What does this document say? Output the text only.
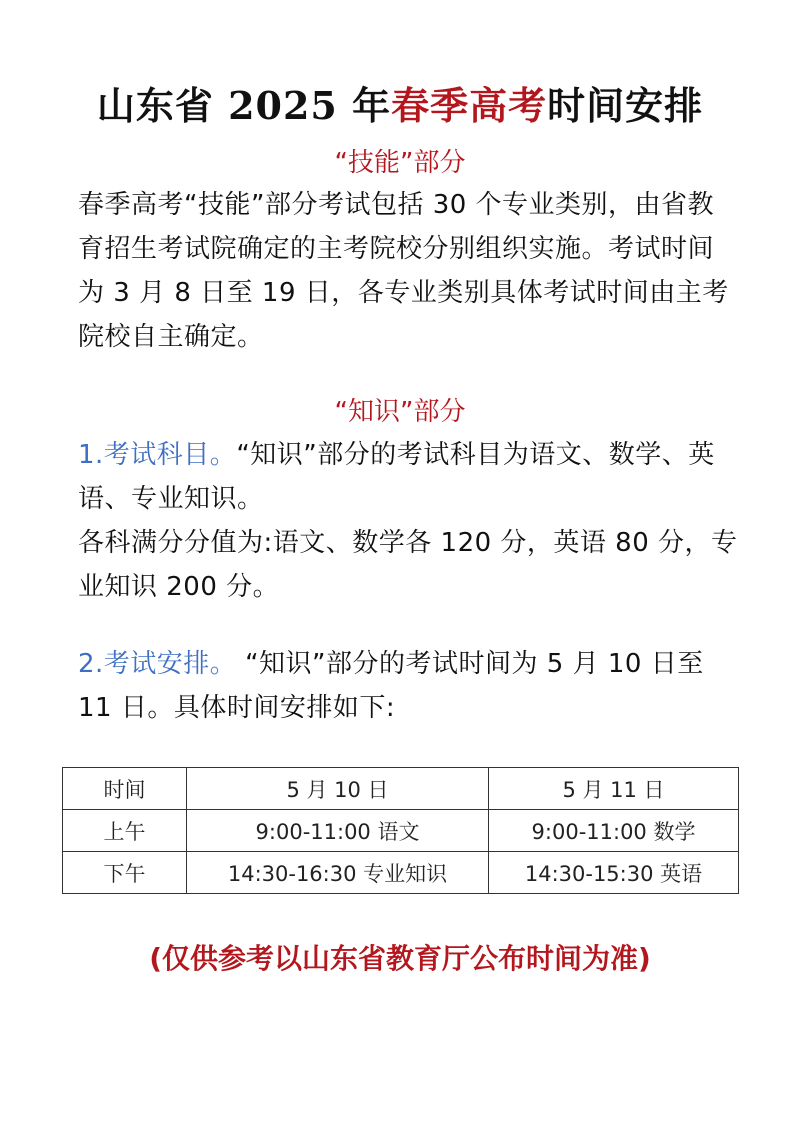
山东省 2025 年春季高考时间安排
“技能”部分

春季高考“技能”部分考试包括 30 个专业类别，由省教育招生考试院确定的主考院校分别组织实施。考试时间为 3 月 8 日至 19 日，各专业类别具体考试时间由主考院校自主确定。

“知识”部分

1.考试科目。“知识”部分的考试科目为语文、数学、英语、专业知识。

各科满分分值为:语文、数学各 120 分，英语 80 分，专业知识 200 分。

2.考试安排。 “知识”部分的考试时间为 5 月 10 日至 11 日。具体时间安排如下:

时间	5 月 10 日	5 月 11 日
上午	9:00-11:00 语文	9:00-11:00 数学
下午	14:30-16:30 专业知识	14:30-15:30 英语
(仅供参考以山东省教育厅公布时间为准)
